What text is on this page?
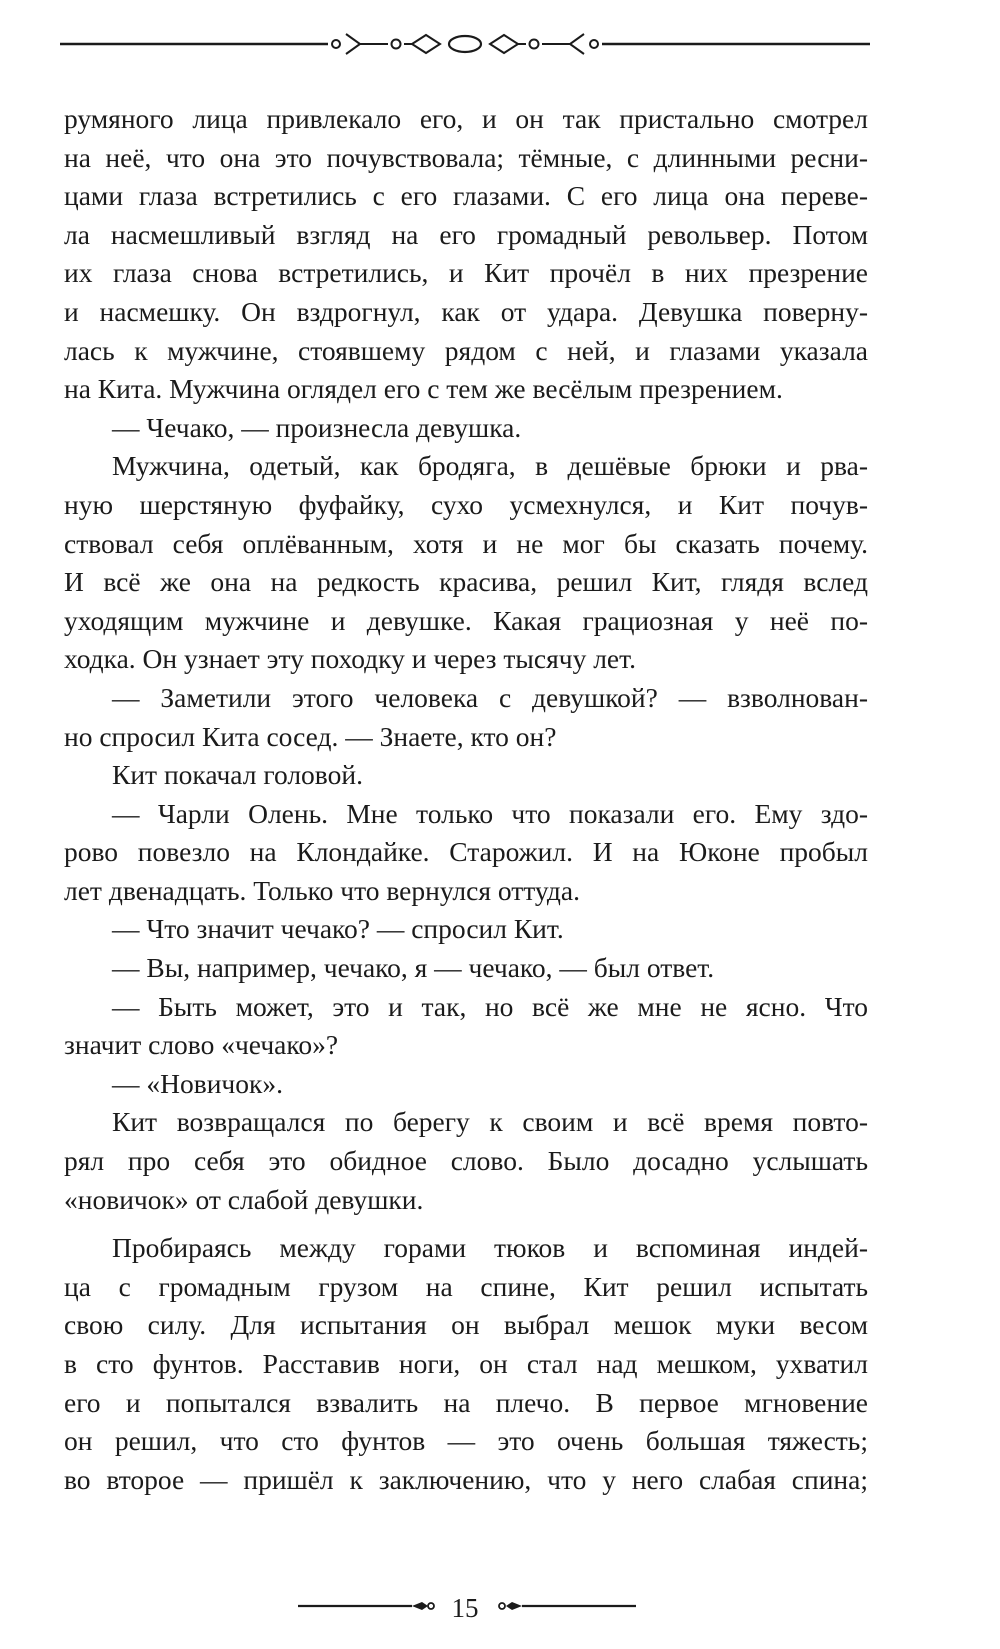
румяного лица привлекало его, и он так пристально смотрел
на неё, что она это почувствовала; тёмные, с длинными ресни-
цами глаза встретились с его глазами. С его лица она переве-
ла насмешливый взгляд на его громадный револьвер. Потом
их глаза снова встретились, и Кит прочёл в них презрение
и насмешку. Он вздрогнул, как от удара. Девушка поверну-
лась к мужчине, стоявшему рядом с ней, и глазами указала
на Кита. Мужчина оглядел его с тем же весёлым презрением.
— Чечако, — произнесла девушка.
Мужчина, одетый, как бродяга, в дешёвые брюки и рва-
ную шерстяную фуфайку, сухо усмехнулся, и Кит почув-
ствовал себя оплёванным, хотя и не мог бы сказать почему.
И всё же она на редкость красива, решил Кит, глядя вслед
уходящим мужчине и девушке. Какая грациозная у неё по-
ходка. Он узнает эту походку и через тысячу лет.
— Заметили этого человека с девушкой? — взволнован-
но спросил Кита сосед. — Знаете, кто он?
Кит покачал головой.
— Чарли Олень. Мне только что показали его. Ему здо-
рово повезло на Клондайке. Старожил. И на Юконе пробыл
лет двенадцать. Только что вернулся оттуда.
— Что значит чечако? — спросил Кит.
— Вы, например, чечако, я — чечако, — был ответ.
— Быть может, это и так, но всё же мне не ясно. Что
значит слово «чечако»?
— «Новичок».
Кит возвращался по берегу к своим и всё время повто-
рял про себя это обидное слово. Было досадно услышать
«новичок» от слабой девушки.
Пробираясь между горами тюков и вспоминая индей-
ца с громадным грузом на спине, Кит решил испытать
свою силу. Для испытания он выбрал мешок муки весом
в сто фунтов. Расставив ноги, он стал над мешком, ухватил
его и попытался взвалить на плечо. В первое мгновение
он решил, что сто фунтов — это очень большая тяжесть;
во второе — пришёл к заключению, что у него слабая спина;
15
